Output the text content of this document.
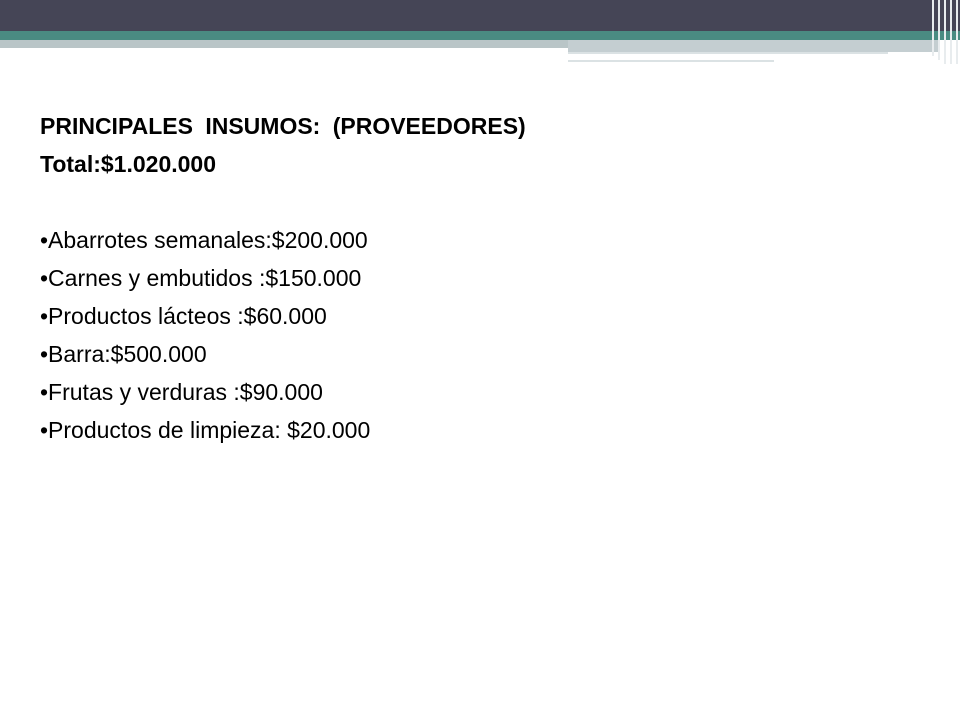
PRINCIPALES INSUMOS: (PROVEEDORES)

Total:$1.020.000

•Abarrotes semanales:$200.000
•Carnes y embutidos :$150.000
•Productos lácteos :$60.000
•Barra:$500.000
•Frutas y verduras :$90.000
•Productos de limpieza: $20.000
